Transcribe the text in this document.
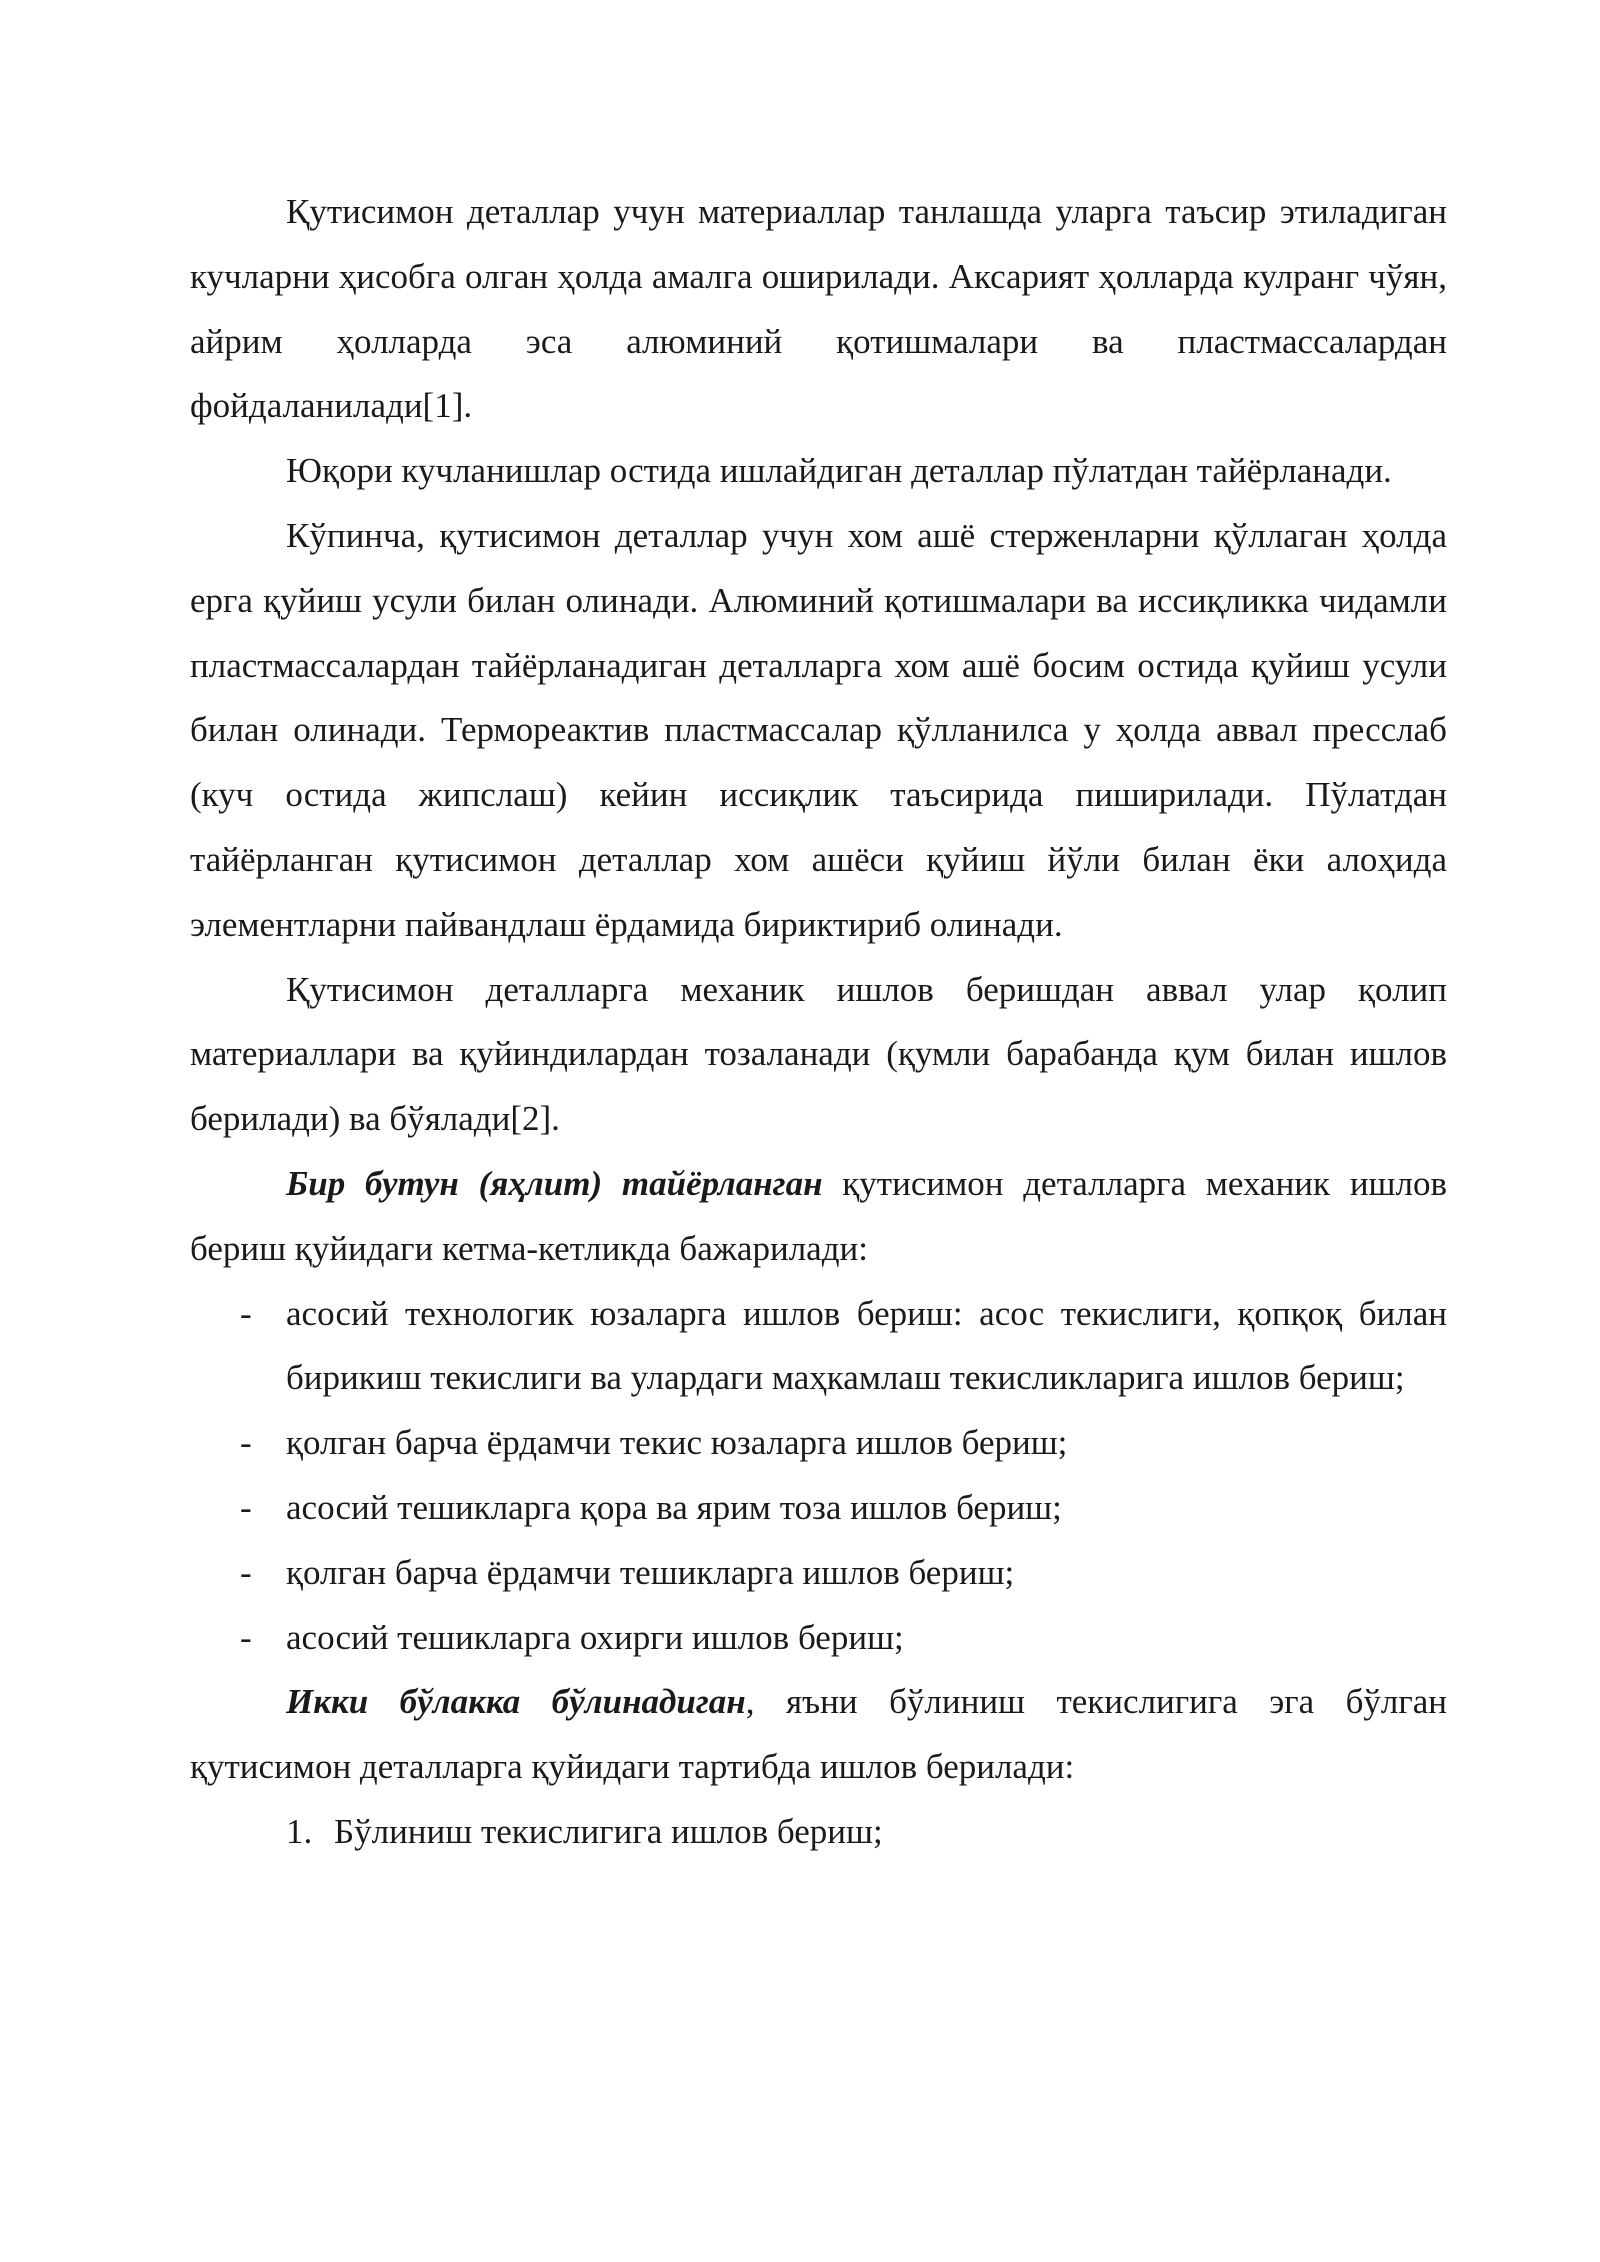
Қутисимон деталлар учун материаллар танлашда уларга таъсир этиладиган кучларни ҳисобга олган ҳолда амалга оширилади. Аксарият ҳолларда кулранг чўян, айрим ҳолларда эса алюминий қотишмалари ва пластмассалардан фойдаланилади[1].

Юқори кучланишлар остида ишлайдиган деталлар пўлатдан тайёрланади.

Кўпинча, қутисимон деталлар учун хом ашё стерженларни қўллаган ҳолда ерга қуйиш усули билан олинади. Алюминий қотишмалари ва иссиқликка чидамли пластмассалардан тайёрланадиган деталларга хом ашё босим остида қуйиш усули билан олинади. Термореактив пластмассалар қўлланилса у ҳолда аввал пресслаб (куч остида жипслаш) кейин иссиқлик таъсирида пиширилади. Пўлатдан тайёрланган қутисимон деталлар хом ашёси қуйиш йўли билан ёки алоҳида элементларни пайвандлаш ёрдамида бириктириб олинади.

Қутисимон деталларга механик ишлов беришдан аввал улар қолип материаллари ва қуйиндилардан тозаланади (қумли барабанда қум билан ишлов берилади) ва бўялади[2].

Бир бутун (яҳлит) тайёрланган қутисимон деталларга механик ишлов бериш қуйидаги кетма-кетликда бажарилади:

- асосий технологик юзаларга ишлов бериш: асос текислиги, қопқоқ билан бирикиш текислиги ва улардаги маҳкамлаш текисликларига ишлов бериш;
- қолган барча ёрдамчи текис юзаларга ишлов бериш;
- асосий тешикларга қора ва ярим тоза ишлов бериш;
- қолган барча ёрдамчи тешикларга ишлов бериш;
- асосий тешикларга охирги ишлов бериш;

Икки бўлакка бўлинадиган, яъни бўлиниш текислигига эга бўлган қутисимон деталларга қуйидаги тартибда ишлов берилади:

1. Бўлиниш текислигига ишлов бериш;
